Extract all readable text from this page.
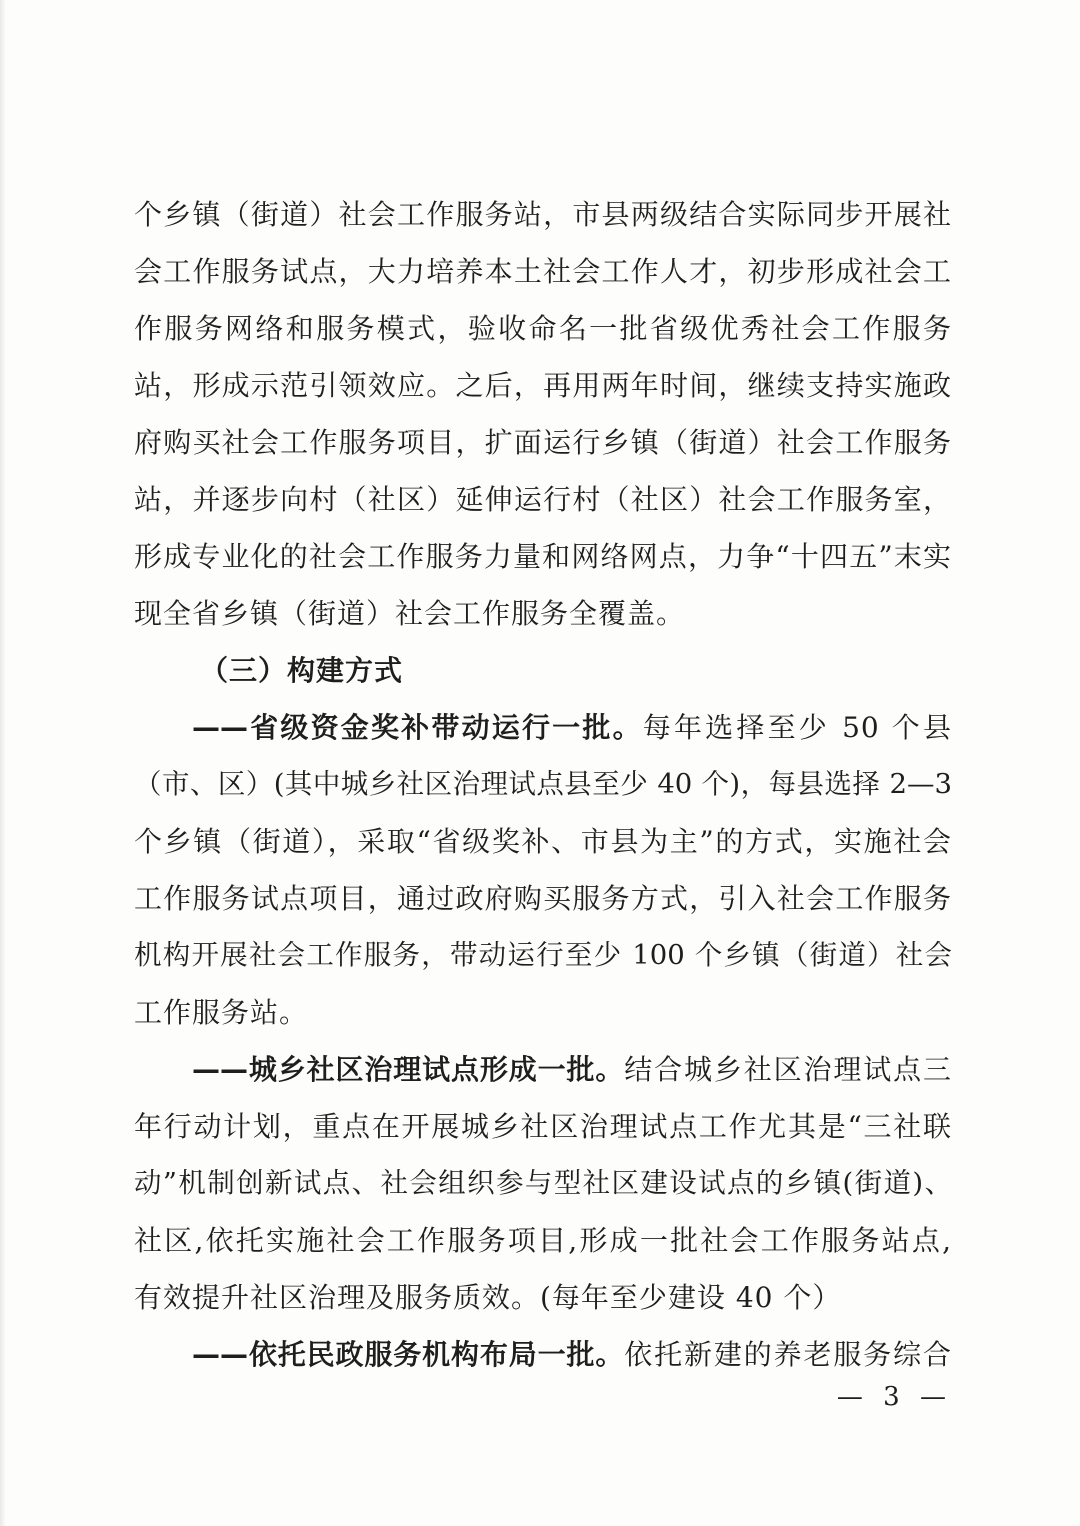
个乡镇（街道）社会工作服务站，市县两级结合实际同步开展社
会工作服务试点，大力培养本土社会工作人才，初步形成社会工
作服务网络和服务模式，验收命名一批省级优秀社会工作服务
站，形成示范引领效应。之后，再用两年时间，继续支持实施政
府购买社会工作服务项目，扩面运行乡镇（街道）社会工作服务
站，并逐步向村（社区）延伸运行村（社区）社会工作服务室，
形成专业化的社会工作服务力量和网络网点，力争“十四五”末实
现全省乡镇（街道）社会工作服务全覆盖。
（三）构建方式
——省级资金奖补带动运行一批。每年选择至少 50 个县
（市、区）(其中城乡社区治理试点县至少 40 个)，每县选择 2—3
个乡镇（街道），采取“省级奖补、市县为主”的方式，实施社会
工作服务试点项目，通过政府购买服务方式，引入社会工作服务
机构开展社会工作服务，带动运行至少 100 个乡镇（街道）社会
工作服务站。
——城乡社区治理试点形成一批。结合城乡社区治理试点三
年行动计划，重点在开展城乡社区治理试点工作尤其是“三社联
动”机制创新试点、社会组织参与型社区建设试点的乡镇(街道)、
社区,依托实施社会工作服务项目,形成一批社会工作服务站点,
有效提升社区治理及服务质效。(每年至少建设 40 个）
——依托民政服务机构布局一批。依托新建的养老服务综合
— 3 —
